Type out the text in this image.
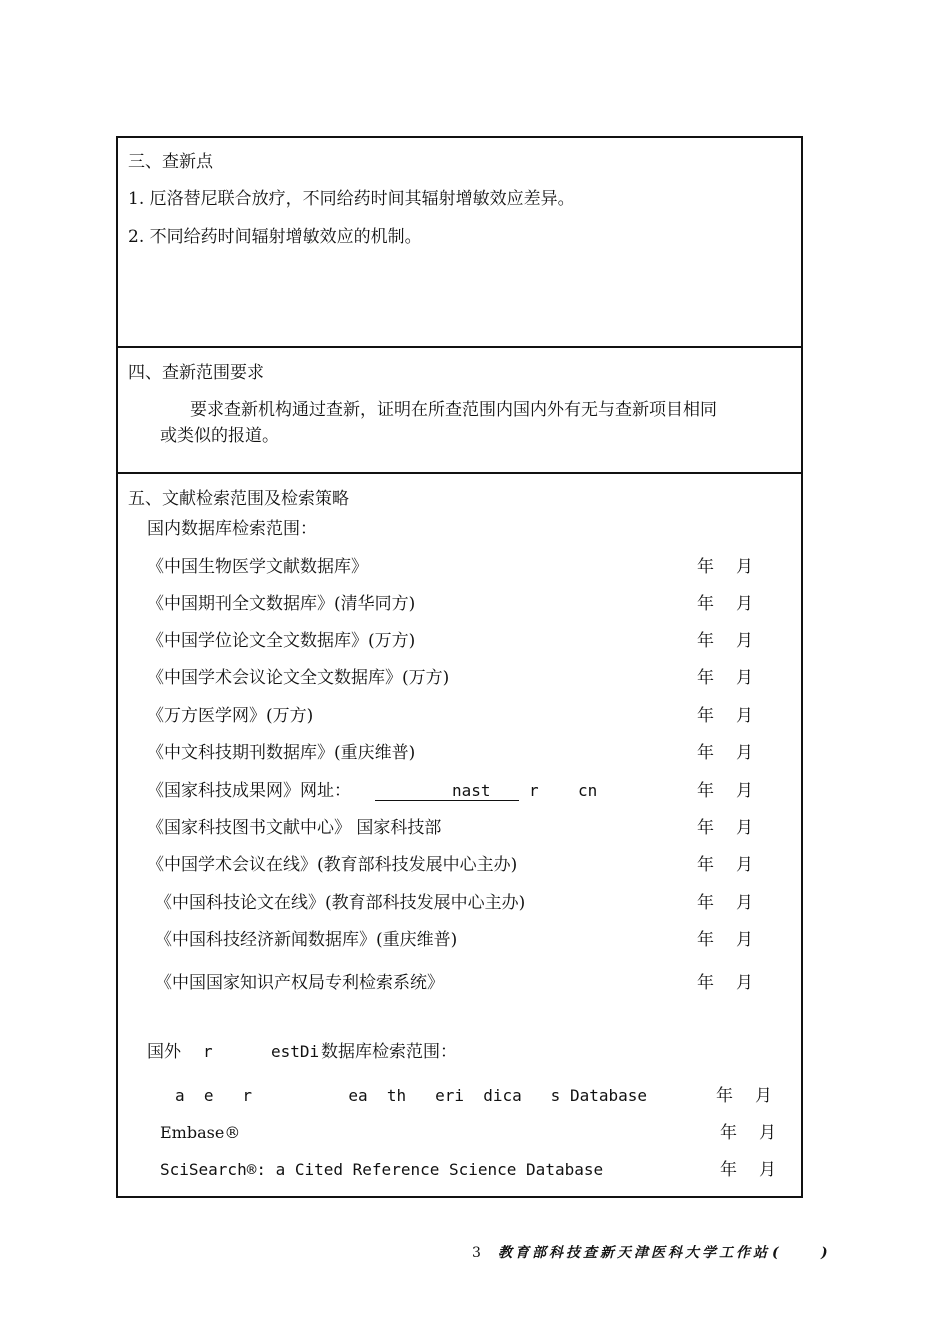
三、查新点
1. 厄洛替尼联合放疗，不同给药时间其辐射增敏效应差异。
2. 不同给药时间辐射增敏效应的机制。
四、查新范围要求
要求查新机构通过查新，证明在所查范围内国内外有无与查新项目相同
或类似的报道。
五、文献检索范围及检索策略
国内数据库检索范围：
《中国生物医学文献数据库》	年 月
《中国期刊全文数据库》(清华同方)	年 月
《中国学位论文全文数据库》(万方)	年 月
《中国学术会议论文全文数据库》(万方)	年 月
《万方医学网》(万方)	年 月
《中文科技期刊数据库》(重庆维普)	年 月
《国家科技成果网》网址：	nast r cn	年 月
《国家科技图书文献中心》 国家科技部	年 月
《中国学术会议在线》(教育部科技发展中心主办)	年 月
《中国科技论文在线》(教育部科技发展中心主办)	年 月
《中国科技经济新闻数据库》(重庆维普)	年 月
《中国国家知识产权局专利检索系统》	年 月
国外 r	estDi 数据库检索范围：
a  e   r          ea  th   eri  dica   s Database	年 月
Embase®	年 月
SciSearch®: a Cited Reference Science Database	年 月
3 教育部科技查新天津医科大学工作站 (     )
